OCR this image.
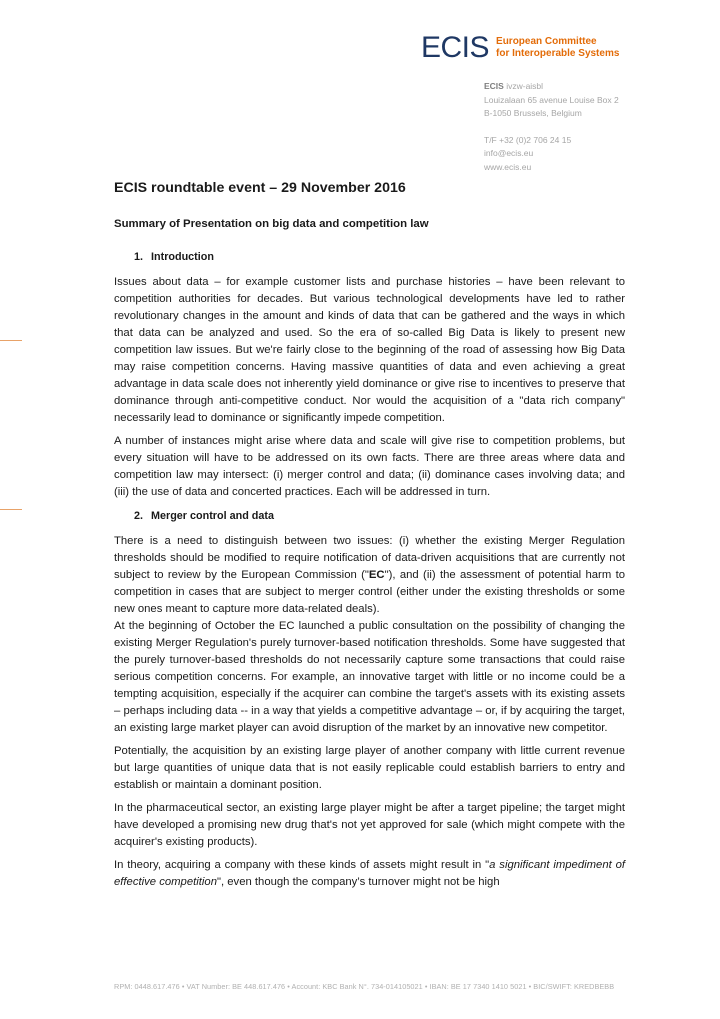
ECIS European Committee
for Interoperable Systems
ECIS ivzw-aisbl
Louizalaan 65 avenue Louise Box 2
B-1050 Brussels, Belgium
T/F +32 (0)2 706 24 15
info@ecis.eu
www.ecis.eu
ECIS roundtable event – 29 November 2016
Summary of Presentation on big data and competition law
1. Introduction

Issues about data – for example customer lists and purchase histories – have been relevant to competition authorities for decades. But various technological developments have led to rather revolutionary changes in the amount and kinds of data that can be gathered and the ways in which that data can be analyzed and used. So the era of so-called Big Data is likely to present new competition law issues. But we're fairly close to the beginning of the road of assessing how Big Data may raise competition concerns. Having massive quantities of data and even achieving a great advantage in data scale does not inherently yield dominance or give rise to incentives to preserve that dominance through anti-competitive conduct. Nor would the acquisition of a "data rich company" necessarily lead to dominance or significantly impede competition.

A number of instances might arise where data and scale will give rise to competition problems, but every situation will have to be addressed on its own facts. There are three areas where data and competition law may intersect: (i) merger control and data; (ii) dominance cases involving data; and (iii) the use of data and concerted practices. Each will be addressed in turn.

2. Merger control and data

There is a need to distinguish between two issues: (i) whether the existing Merger Regulation thresholds should be modified to require notification of data-driven acquisitions that are currently not subject to review by the European Commission ("EC"), and (ii) the assessment of potential harm to competition in cases that are subject to merger control (either under the existing thresholds or some new ones meant to capture more data-related deals).

At the beginning of October the EC launched a public consultation on the possibility of changing the existing Merger Regulation's purely turnover-based notification thresholds. Some have suggested that the purely turnover-based thresholds do not necessarily capture some transactions that could raise serious competition concerns. For example, an innovative target with little or no income could be a tempting acquisition, especially if the acquirer can combine the target's assets with its existing assets – perhaps including data -- in a way that yields a competitive advantage – or, if by acquiring the target, an existing large market player can avoid disruption of the market by an innovative new competitor.

Potentially, the acquisition by an existing large player of another company with little current revenue but large quantities of unique data that is not easily replicable could establish barriers to entry and establish or maintain a dominant position.

In the pharmaceutical sector, an existing large player might be after a target pipeline; the target might have developed a promising new drug that's not yet approved for sale (which might compete with the acquirer's existing products).

In theory, acquiring a company with these kinds of assets might result in "a significant impediment of effective competition", even though the company’s turnover might not be high

RPM: 0448.617.476 • VAT Number: BE 448.617.476 • Account: KBC Bank N°. 734-014105021 • IBAN: BE 17 7340 1410 5021 • BIC/SWIFT: KREDBEBB
